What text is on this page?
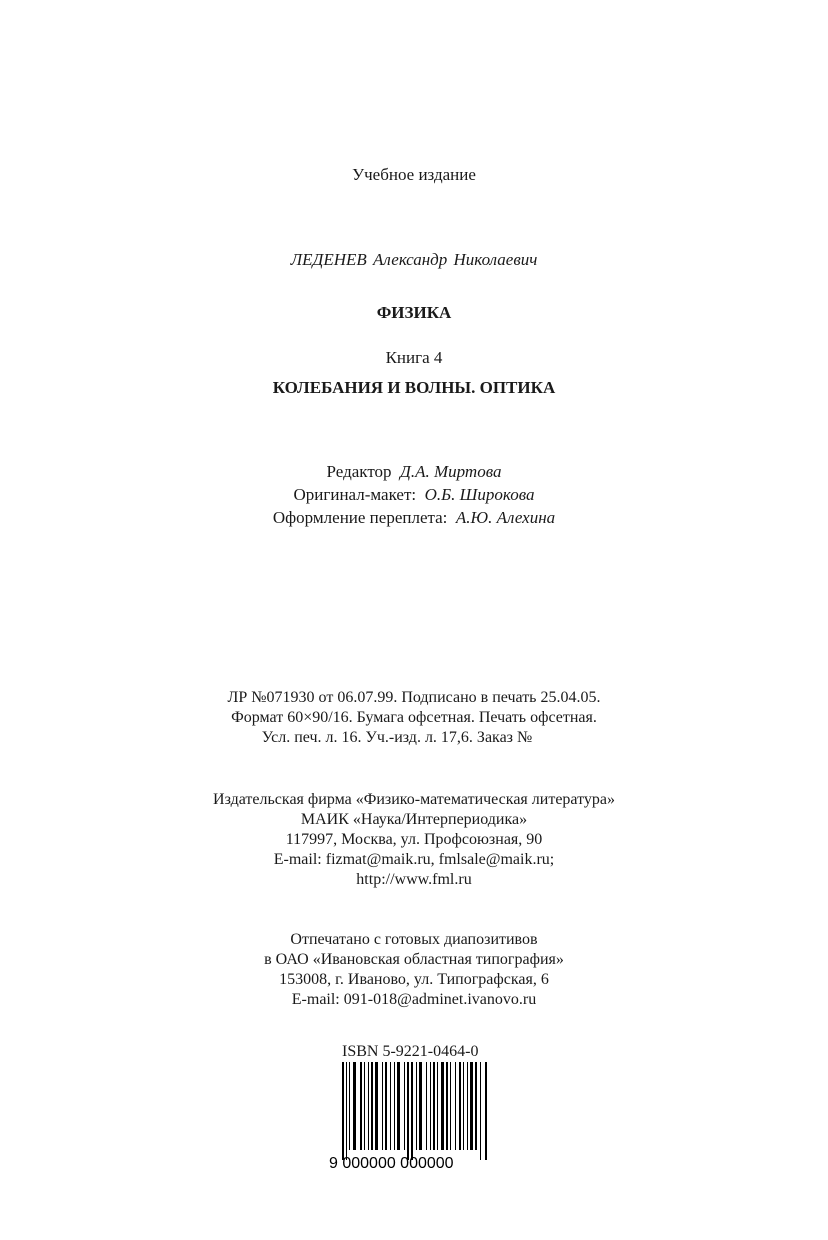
Учебное издание
ЛЕДЕНЕВ Александр Николаевич
ФИЗИКА
Книга 4
КОЛЕБАНИЯ И ВОЛНЫ. ОПТИКА
Редактор Д.А. Миртова
Оригинал-макет: О.Б. Широкова
Оформление переплета: А.Ю. Алехина
ЛР №071930 от 06.07.99. Подписано в печать 25.04.05.
Формат 60×90/16. Бумага офсетная. Печать офсетная.
Усл. печ. л. 16. Уч.-изд. л. 17,6. Заказ №
Издательская фирма «Физико-математическая литература»
МАИК «Наука/Интерпериодика»
117997, Москва, ул. Профсоюзная, 90
E-mail: fizmat@maik.ru, fmlsale@maik.ru;
http://www.fml.ru
Отпечатано с готовых диапозитивов
в ОАО «Ивановская областная типография»
153008, г. Иваново, ул. Типографская, 6
E-mail: 091-018@adminet.ivanovo.ru
ISBN 5-9221-0464-0
9 000000 000000
